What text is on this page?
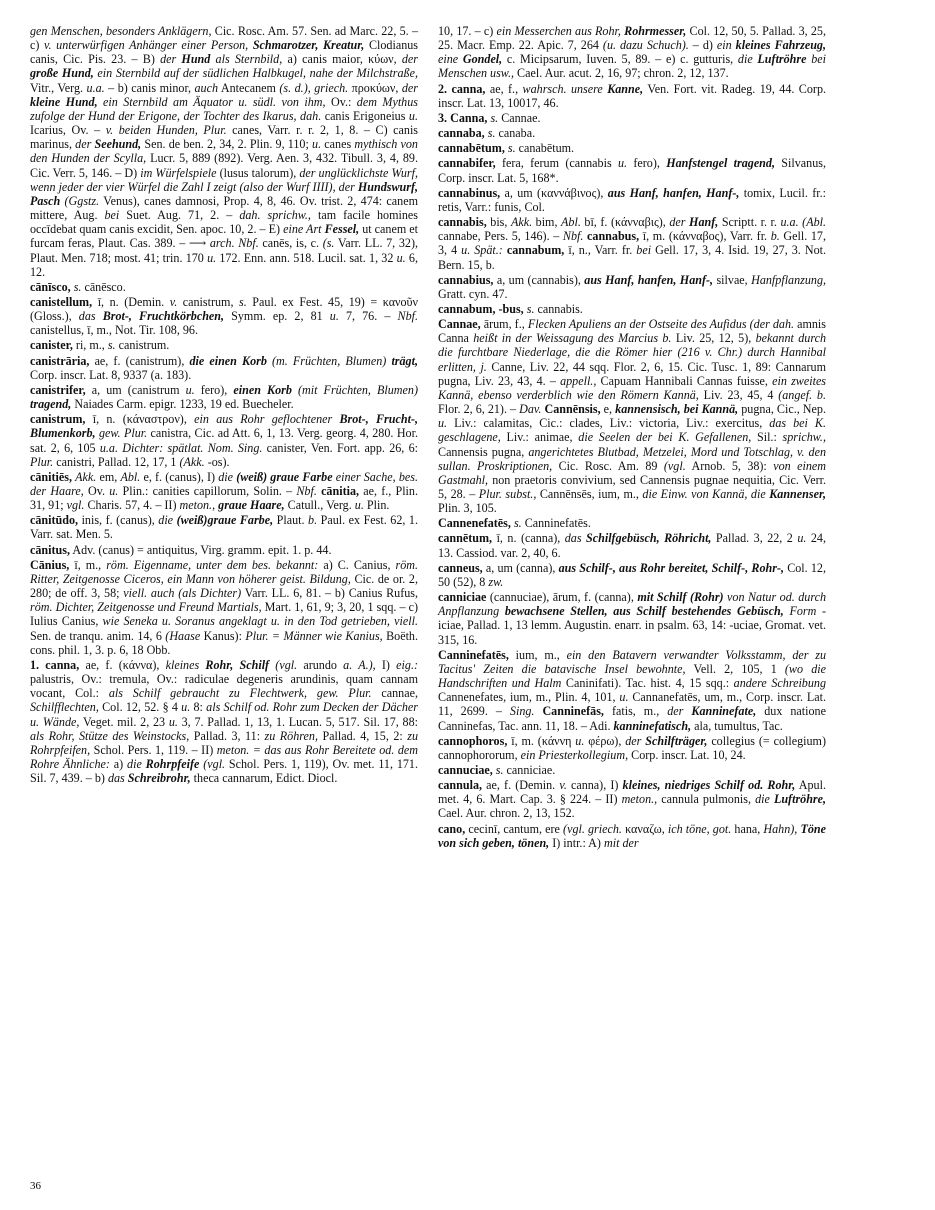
gen Menschen, besonders Anklägern, Cic. Rosc. Am. 57. Sen. ad Marc. 22, 5. – c) v. unterwürfigen Anhänger einer Person, Schmarotzer, Kreatur, Clodianus canis, Cic. Pis. 23. – B) der Hund als Sternbild, a) canis maior, κύων, der große Hund, ein Sternbild auf der südlichen Halbkugel, nahe der Milchstraße, Vitr., Verg. u.a. – b) canis minor, auch Antecanem (s. d.), griech. προκύων, der kleine Hund, ein Sternbild am Äquator u. südl. von ihm, Ov.: dem Mythus zufolge der Hund der Erigone, der Tochter des Ikarus, dah. canis Erigoneius u. Icarius, Ov. – v. beiden Hunden, Plur. canes, Varr. r. r. 2, 1, 8. – C) canis marinus, der Seehund, Sen. de ben. 2, 34, 2. Plin. 9, 110; u. canes mythisch von den Hunden der Scylla, Lucr. 5, 889 (892). Verg. Aen. 3, 432. Tibull. 3, 4, 89. Cic. Verr. 5, 146. – D) im Würfelspiele (lusus talorum), der unglücklichste Wurf, wenn jeder der vier Würfel die Zahl I zeigt (also der Wurf IIII), der Hundswurf, Pasch (Ggstz. Venus), canes damnosi, Prop. 4, 8, 46. Ov. trist. 2, 474: canem mittere, Aug. bei Suet. Aug. 71, 2. – dah. sprichw., tam facile homines occīdebat quam canis excidit, Sen. apoc. 10, 2. – E) eine Art Fessel, ut canem et furcam feras, Plaut. Cas. 389. – ⟶ arch. Nbf. canēs, is, c. (s. Varr. LL. 7, 32), Plaut. Men. 718; most. 41; trin. 170 u. 172. Enn. ann. 518. Lucil. sat. 1, 32 u. 6, 12.

cānīsco, s. cānēsco.

canistellum, ī, n. (Demin. v. canistrum, s. Paul. ex Fest. 45, 19) = κανοῦν (Gloss.), das Brot-, Fruchtkörbchen, Symm. ep. 2, 81 u. 7, 76. – Nbf. canistellus, ī, m., Not. Tir. 108, 96.

canister, ri, m., s. canistrum.

canistrāria, ae, f. (canistrum), die einen Korb (m. Früchten, Blumen) trägt, Corp. inscr. Lat. 8, 9337 (a. 183).

canistrifer, a, um (canistrum u. fero), einen Korb (mit Früchten, Blumen) tragend, Naiades Carm. epigr. 1233, 19 ed. Buecheler.

canistrum, ī, n. (κάναστρον), ein aus Rohr geflochtener Brot-, Frucht-, Blumenkorb, gew. Plur. canistra, Cic. ad Att. 6, 1, 13. Verg. georg. 4, 280. Hor. sat. 2, 6, 105 u.a. Dichter: spätlat. Nom. Sing. canister, Ven. Fort. app. 26, 6: Plur. canistri, Pallad. 12, 17, 1 (Akk. -os).

cānitiēs, Akk. em, Abl. e, f. (canus), I) die (weiß) graue Farbe einer Sache, bes. der Haare, Ov. u. Plin.: canities capillorum, Solin. – Nbf. cānitia, ae, f., Plin. 31, 91; vgl. Charis. 57, 4. – II) meton., graue Haare, Catull., Verg. u. Plin.

cānitūdo, inis, f. (canus), die (weiß)graue Farbe, Plaut. b. Paul. ex Fest. 62, 1. Varr. sat. Men. 5.

cānitus, Adv. (canus) = antiquitus, Virg. gramm. epit. 1. p. 44.

Cānius, ī, m., röm. Eigenname, unter dem bes. bekannt: a) C. Canius, röm. Ritter, Zeitgenosse Ciceros, ein Mann von höherer geist. Bildung, Cic. de or. 2, 280; de off. 3, 58; viell. auch (als Dichter) Varr. LL. 6, 81. – b) Canius Rufus, röm. Dichter, Zeitgenosse und Freund Martials, Mart. 1, 61, 9; 3, 20, 1 sqq. – c) Iulius Canius, wie Seneka u. Soranus angeklagt u. in den Tod getrieben, viell. Sen. de tranqu. anim. 14, 6 (Haase Kanus): Plur. = Männer wie Kanius, Boëth. cons. phil. 1, 3. p. 6, 18 Obb.

1. canna, ae, f. (κάννα), kleines Rohr, Schilf (vgl. arundo a. A.), I) eig.: palustris, Ov.: tremula, Ov.: radiculae degeneris arundinis, quam cannam vocant, Col.: als Schilf gebraucht zu Flechtwerk, gew. Plur. cannae, Schilfflechten, Col. 12, 52. § 4 u. 8: als Schilf od. Rohr zum Decken der Dächer u. Wände, Veget. mil. 2, 23 u. 3, 7. Pallad. 1, 13, 1. Lucan. 5, 517. Sil. 17, 88: als Rohr, Stütze des Weinstocks, Pallad. 3, 11: zu Röhren, Pallad. 4, 15, 2: zu Rohrpfeifen, Schol. Pers. 1, 119. – II) meton. = das aus Rohr Bereitete od. dem Rohre Ähnliche: a) die Rohrpfeife (vgl. Schol. Pers. 1, 119), Ov. met. 11, 171. Sil. 7, 439. – b) das Schreibrohr, theca cannarum, Edict. Diocl.

10, 17. – c) ein Messerchen aus Rohr, Rohrmesser, Col. 12, 50, 5. Pallad. 3, 25, 25. Macr. Emp. 22. Apic. 7, 264 (u. dazu Schuch). – d) ein kleines Fahrzeug, eine Gondel, c. Micipsarum, Iuven. 5, 89. – e) c. gutturis, die Luftröhre bei Menschen usw., Cael. Aur. acut. 2, 16, 97; chron. 2, 12, 137.

2. canna, ae, f., wahrsch. unsere Kanne, Ven. Fort. vit. Radeg. 19, 44. Corp. inscr. Lat. 13, 10017, 46.

3. Canna, s. Cannae.

cannaba, s. canaba.

cannabētum, s. canabētum.

cannabifer, fera, ferum (cannabis u. fero), Hanfstengel tragend, Silvanus, Corp. inscr. Lat. 5, 168*.

cannabinus, a, um (καννάβινος), aus Hanf, hanfen, Hanf-, tomix, Lucil. fr.: retis, Varr.: funis, Col.

cannabis, bis, Akk. bim, Abl. bī, f. (κάνναβις), der Hanf, Scriptt. r. r. u.a. (Abl. cannabe, Pers. 5, 146). – Nbf. cannabus, ī, m. (κάνναβος), Varr. fr. b. Gell. 17, 3, 4 u. Spät.: cannabum, ī, n., Varr. fr. bei Gell. 17, 3, 4. Isid. 19, 27, 3. Not. Bern. 15, b.

cannabius, a, um (cannabis), aus Hanf, hanfen, Hanf-, silvae, Hanfpflanzung, Gratt. cyn. 47.

cannabum, -bus, s. cannabis.

Cannae, ārum, f., Flecken Apuliens an der Ostseite des Aufidus (der dah. amnis Canna heißt in der Weissagung des Marcius b. Liv. 25, 12, 5), bekannt durch die furchtbare Niederlage, die die Römer hier (216 v. Chr.) durch Hannibal erlitten, j. Canne, Liv. 22, 44 sqq. Flor. 2, 6, 15. Cic. Tusc. 1, 89: Cannarum pugna, Liv. 23, 43, 4. – appell., Capuam Hannibali Cannas fuisse, ein zweites Kannä, ebenso verderblich wie den Römern Kannä, Liv. 23, 45, 4 (angef. b. Flor. 2, 6, 21). – Dav. Cannēnsis, e, kannensisch, bei Kannä, pugna, Cic., Nep. u. Liv.: calamitas, Cic.: clades, Liv.: victoria, Liv.: exercitus, das bei K. geschlagene, Liv.: animae, die Seelen der bei K. Gefallenen, Sil.: sprichw., Cannensis pugna, angerichtetes Blutbad, Metzelei, Mord und Totschlag, v. den sullan. Proskriptionen, Cic. Rosc. Am. 89 (vgl. Arnob. 5, 38): von einem Gastmahl, non praetoris convivium, sed Cannensis pugnae nequitia, Cic. Verr. 5, 28. – Plur. subst., Cannēnsēs, ium, m., die Einw. von Kannä, die Kannenser, Plin. 3, 105.

Cannenefatēs, s. Canninefatēs.

cannētum, ī, n. (canna), das Schilfgebüsch, Röhricht, Pallad. 3, 22, 2 u. 24, 13. Cassiod. var. 2, 40, 6.

canneus, a, um (canna), aus Schilf-, aus Rohr bereitet, Schilf-, Rohr-, Col. 12, 50 (52), 8 zw.

canniciae (cannuciae), ārum, f. (canna), mit Schilf (Rohr) von Natur od. durch Anpflanzung bewachsene Stellen, aus Schilf bestehendes Gebüsch, Form -iciae, Pallad. 1, 13 lemm. Augustin. enarr. in psalm. 63, 14: -uciae, Gromat. vet. 315, 16.

Canninefatēs, ium, m., ein den Batavern verwandter Volksstamm, der zu Tacitus' Zeiten die batavische Insel bewohnte, Vell. 2, 105, 1 (wo die Handschriften und Halm Caninifati). Tac. hist. 4, 15 sqq.: andere Schreibung Cannenefates, ium, m., Plin. 4, 101, u. Cannanefatēs, um, m., Corp. inscr. Lat. 11, 2699. – Sing. Canninefās, fatis, m., der Kanninefate, dux natione Canninefas, Tac. ann. 11, 18. – Adi. kanninefatisch, ala, tumultus, Tac.

cannophoros, ī, m. (κάννη u. φέρω), der Schilfträger, collegius (= collegium) cannophororum, ein Priesterkollegium, Corp. inscr. Lat. 10, 24.

cannuciae, s. canniciae.

cannula, ae, f. (Demin. v. canna), I) kleines, niedriges Schilf od. Rohr, Apul. met. 4, 6. Mart. Cap. 3. § 224. – II) meton., cannula pulmonis, die Luftröhre, Cael. Aur. chron. 2, 13, 152.

cano, cecinī, cantum, ere (vgl. griech. καναζω, ich töne, got. hana, Hahn), Töne von sich geben, tönen, I) intr.: A) mit der

36
